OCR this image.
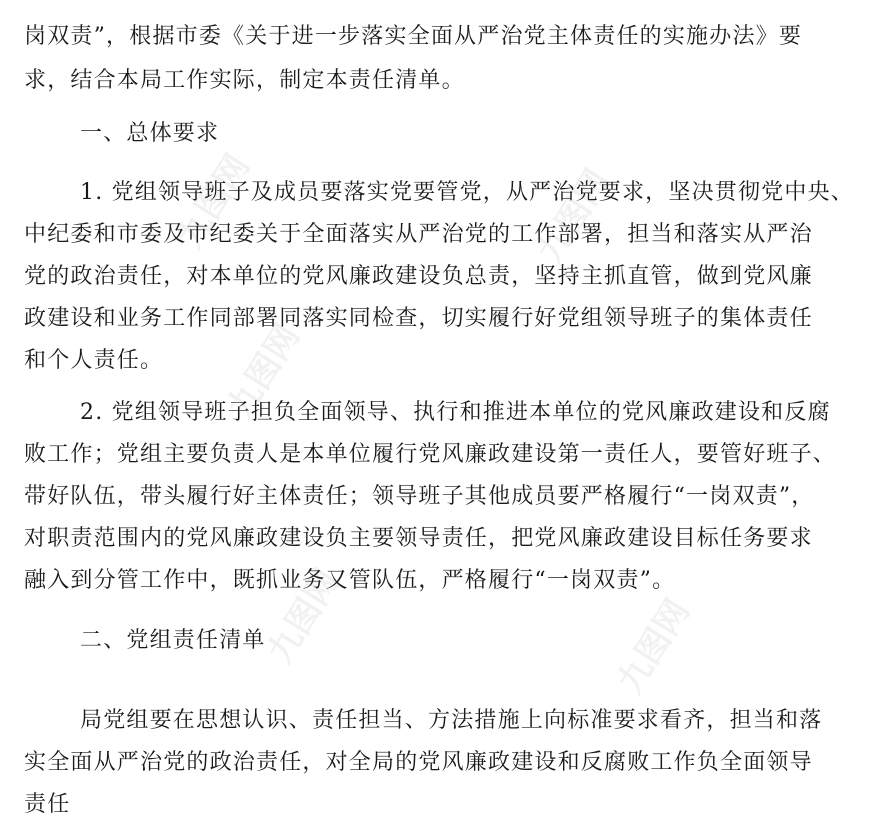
岗双责”，根据市委《关于进一步落实全面从严治党主体责任的实施办法》要
求，结合本局工作实际，制定本责任清单。
一、总体要求
1. 党组领导班子及成员要落实党要管党，从严治党要求，坚决贯彻党中央、
中纪委和市委及市纪委关于全面落实从严治党的工作部署，担当和落实从严治
党的政治责任，对本单位的党风廉政建设负总责，坚持主抓直管，做到党风廉
政建设和业务工作同部署同落实同检查，切实履行好党组领导班子的集体责任
和个人责任。
2. 党组领导班子担负全面领导、执行和推进本单位的党风廉政建设和反腐
败工作；党组主要负责人是本单位履行党风廉政建设第一责任人，要管好班子、
带好队伍，带头履行好主体责任；领导班子其他成员要严格履行“一岗双责”，
对职责范围内的党风廉政建设负主要领导责任，把党风廉政建设目标任务要求
融入到分管工作中，既抓业务又管队伍，严格履行“一岗双责”。
二、党组责任清单
局党组要在思想认识、责任担当、方法措施上向标准要求看齐，担当和落
实全面从严治党的政治责任，对全局的党风廉政建设和反腐败工作负全面领导
责任
九图网	九图网
九图网
九图网
九图网
